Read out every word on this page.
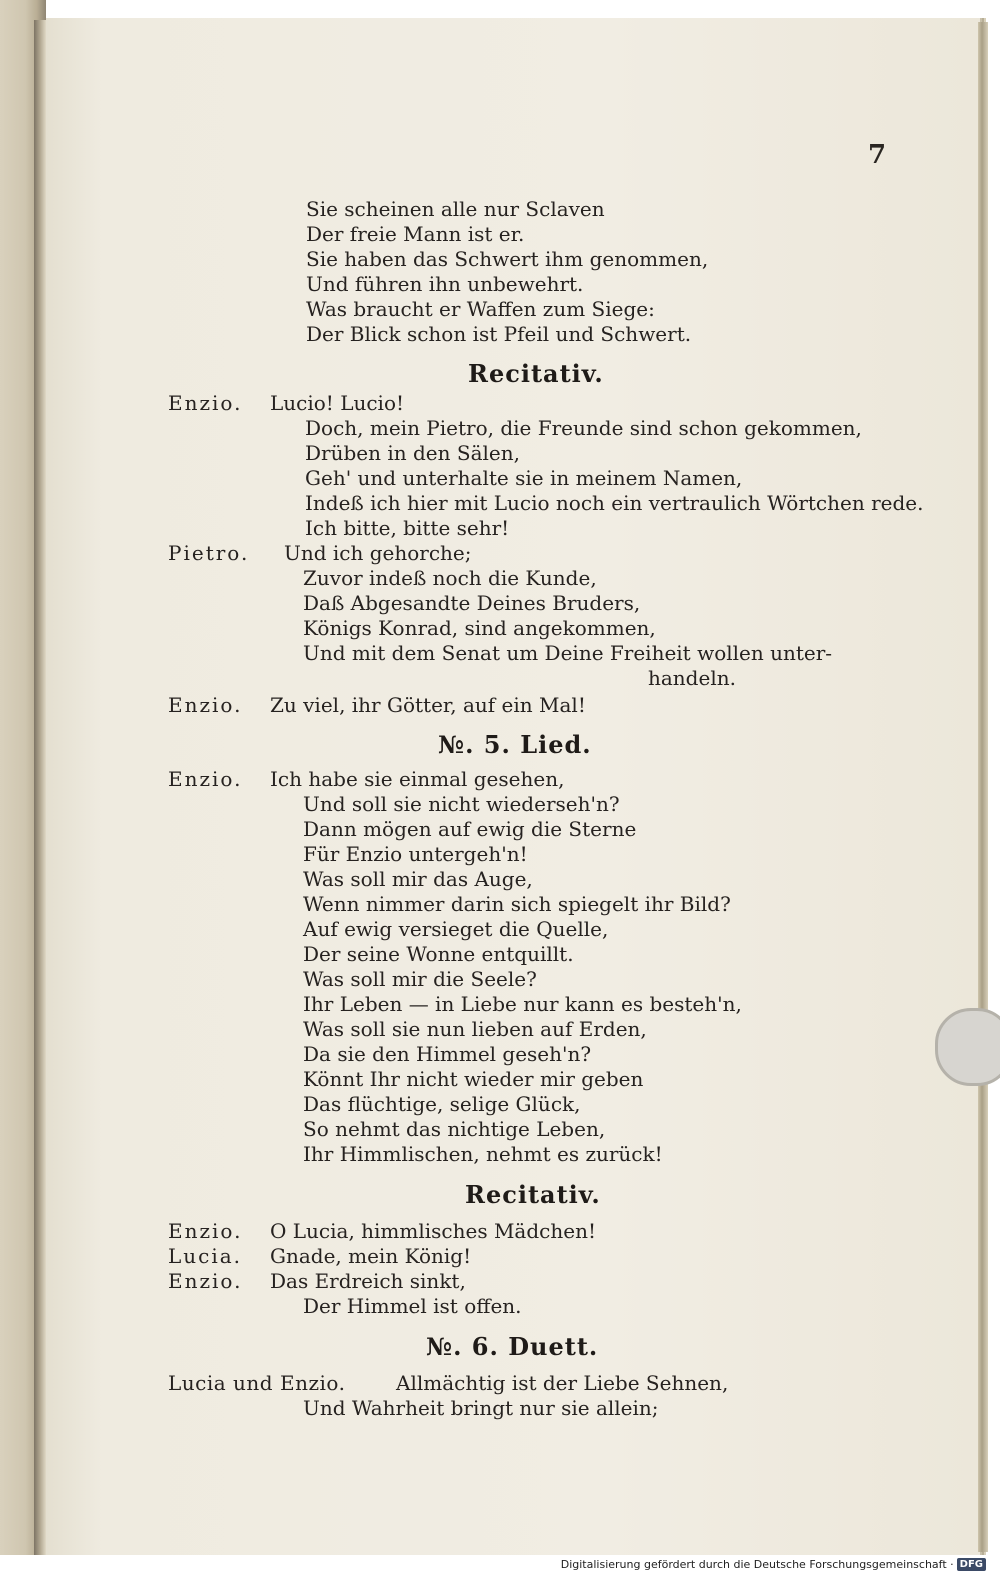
7
Sie scheinen alle nur Sclaven
Der freie Mann ist er.
Sie haben das Schwert ihm genommen,
Und führen ihn unbewehrt.
Was braucht er Waffen zum Siege:
Der Blick schon ist Pfeil und Schwert.
Recitativ.
Enzio. Lucio! Lucio!
Doch, mein Pietro, die Freunde sind schon gekommen,
Drüben in den Sälen,
Geh' und unterhalte sie in meinem Namen,
Indeß ich hier mit Lucio noch ein vertraulich Wörtchen rede.
Ich bitte, bitte sehr!
Pietro. Und ich gehorche;
Zuvor indeß noch die Kunde,
Daß Abgesandte Deines Bruders,
Königs Konrad, sind angekommen,
Und mit dem Senat um Deine Freiheit wollen unter-
handeln.
Enzio. Zu viel, ihr Götter, auf ein Mal!
№. 5. Lied.
Enzio. Ich habe sie einmal gesehen,
Und soll sie nicht wiederseh'n?
Dann mögen auf ewig die Sterne
Für Enzio untergeh'n!
Was soll mir das Auge,
Wenn nimmer darin sich spiegelt ihr Bild?
Auf ewig versieget die Quelle,
Der seine Wonne entquillt.
Was soll mir die Seele?
Ihr Leben — in Liebe nur kann es besteh'n,
Was soll sie nun lieben auf Erden,
Da sie den Himmel geseh'n?
Könnt Ihr nicht wieder mir geben
Das flüchtige, selige Glück,
So nehmt das nichtige Leben,
Ihr Himmlischen, nehmt es zurück!
Recitativ.
Enzio. O Lucia, himmlisches Mädchen!
Lucia. Gnade, mein König!
Enzio. Das Erdreich sinkt,
Der Himmel ist offen.
№. 6. Duett.
Lucia und Enzio.	Allmächtig ist der Liebe Sehnen,
Und Wahrheit bringt nur sie allein;
Digitalisierung gefördert durch die Deutsche Forschungsgemeinschaft · DFG
